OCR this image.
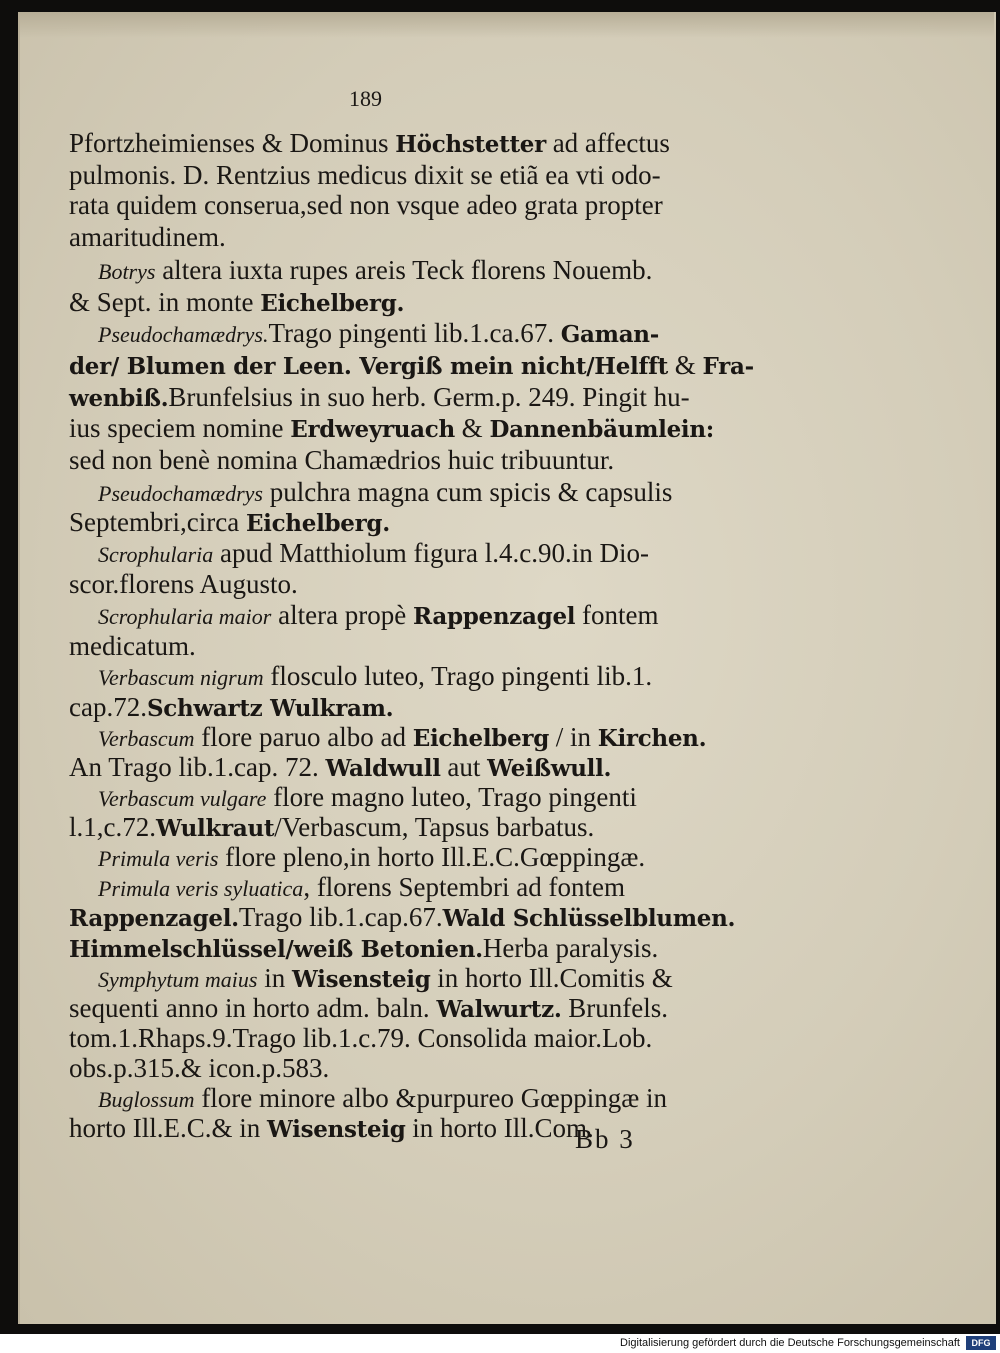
189
Pfortzheimienses & Dominus Höchstetter ad affectus
pulmonis. D. Rentzius medicus dixit se etiã ea vti odo-
rata quidem conserua,sed non vsque adeo grata propter
amaritudinem.
Botrys altera iuxta rupes areis Teck florens Nouemb.
& Sept. in monte Eichelberg.
Pseudochamædrys.Trago pingenti lib.1.ca.67. Gaman-
der/ Blumen der Leen. Vergiß mein nicht/Helfft & Fra-
wenbiß.Brunfelsius in suo herb. Germ.p. 249. Pingit hu-
ius speciem nomine Erdweyruach & Dannenbäumlein:
sed non benè nomina Chamædrios huic tribuuntur.
Pseudochamædrys pulchra magna cum spicis & capsulis
Septembri,circa Eichelberg.
Scrophularia apud Matthiolum figura l.4.c.90.in Dio-
scor.florens Augusto.
Scrophularia maior altera propè Rappenzagel fontem
medicatum.
Verbascum nigrum flosculo luteo, Trago pingenti lib.1.
cap.72.Schwartz Wulkram.
Verbascum flore paruo albo ad Eichelberg / in Kirchen.
An Trago lib.1.cap. 72. Waldwull aut Weißwull.
Verbascum vulgare flore magno luteo, Trago pingenti
l.1,c.72.Wulkraut/Verbascum, Tapsus barbatus.
Primula veris flore pleno,in horto Ill.E.C.Gœppingæ.
Primula veris syluatica, florens Septembri ad fontem
Rappenzagel.Trago lib.1.cap.67.Wald Schlüsselblumen.
Himmelschlüssel/weiß Betonien.Herba paralysis.
Symphytum maius in Wisensteig in horto Ill.Comitis &
sequenti anno in horto adm. baln. Walwurtz. Brunfels.
tom.1.Rhaps.9.Trago lib.1.c.79. Consolida maior.Lob.
obs.p.315.& icon.p.583.
Buglossum flore minore albo &purpureo Gœppingæ in
horto Ill.E.C.& in Wisensteig in horto Ill.Com.
Bb 3
Digitalisierung gefördert durch die Deutsche Forschungsgemeinschaft	DFG
